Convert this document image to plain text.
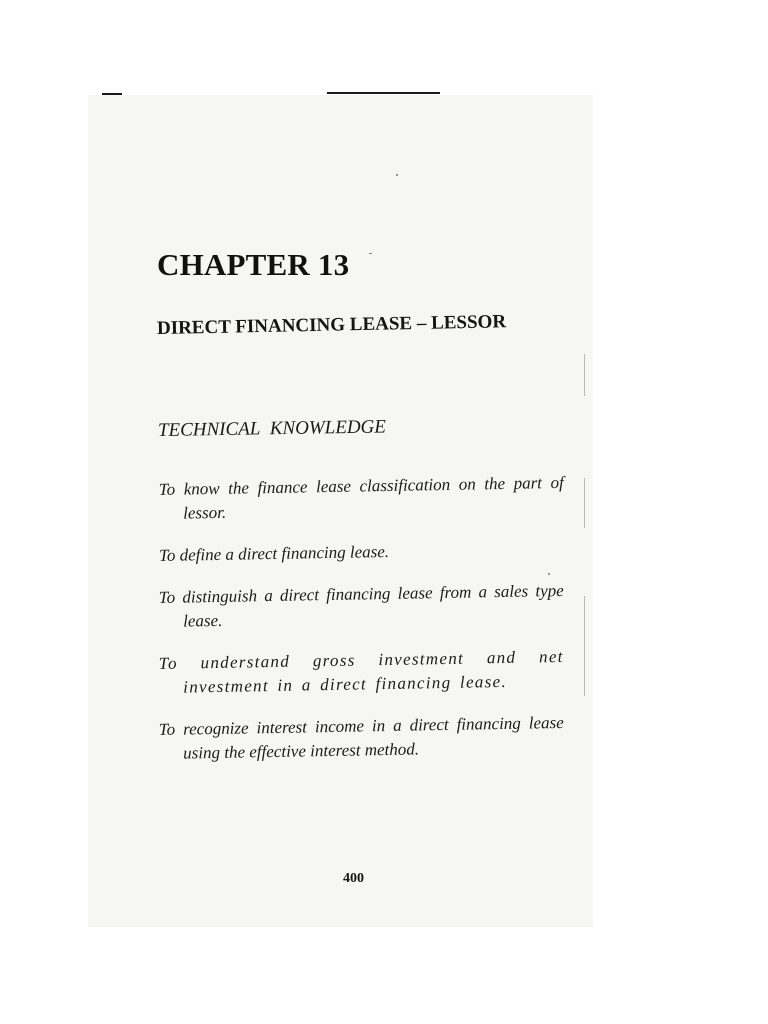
CHAPTER 13
DIRECT FINANCING LEASE – LESSOR
TECHNICAL KNOWLEDGE
To know the finance lease classification on the part of lessor.
To define a direct financing lease.
To distinguish a direct financing lease from a sales type lease.
To understand gross investment and net investment in a direct financing lease.
To recognize interest income in a direct financing lease using the effective interest method.

400
